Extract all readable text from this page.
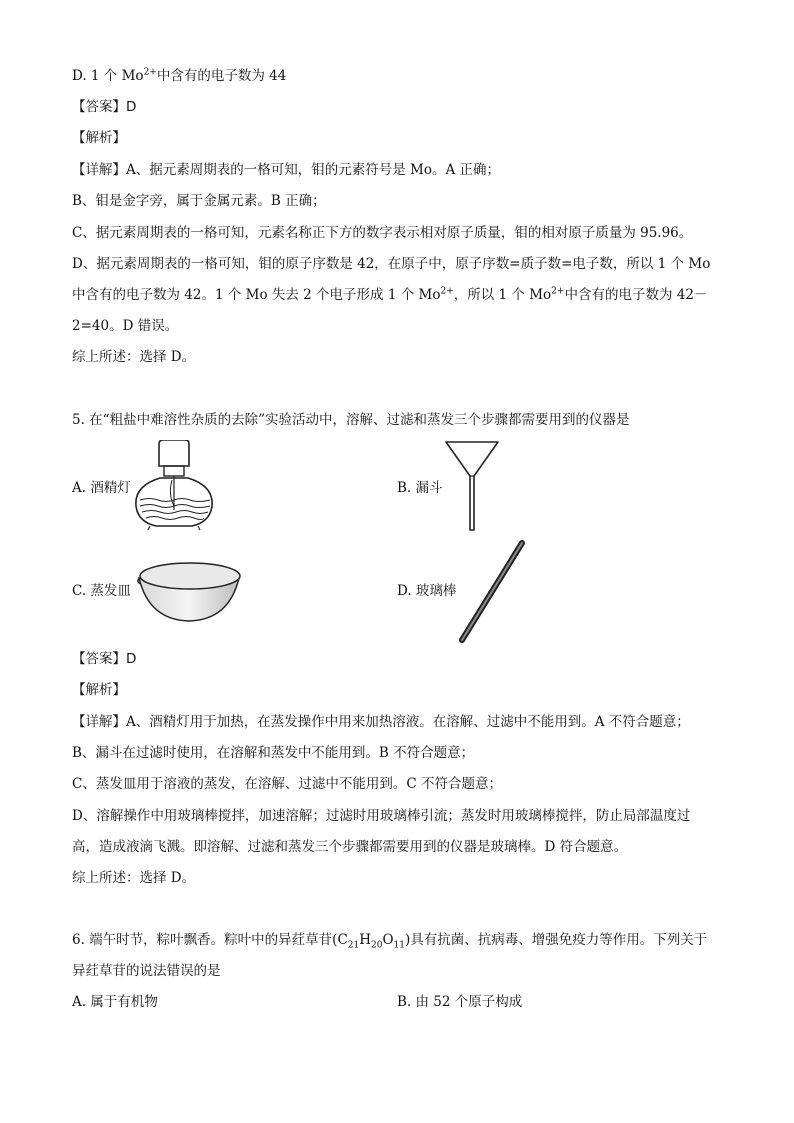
D. 1 个 $Mo^{2+}$中含有的电子数为 44
【答案】D
【解析】
【详解】A、据元素周期表的一格可知，钼的元素符号是 Mo。A 正确；
B、钼是金字旁，属于金属元素。B 正确；
C、据元素周期表的一格可知，元素名称正下方的数字表示相对原子质量，钼的相对原子质量为 95.96。
D、据元素周期表的一格可知，钼的原子序数是 42，在原子中，原子序数=质子数=电子数，所以 1 个 Mo
中含有的电子数为 42。1 个 Mo 失去 2 个电子形成 1 个 $Mo^{2+}$，所以 1 个 $Mo^{2+}$中含有的电子数为 42－
2=40。D 错误。
综上所述：选择 D。
5. 在“粗盐中难溶性杂质的去除”实验活动中，溶解、过滤和蒸发三个步骤都需要用到的仪器是
A. 酒精灯	B. 漏斗
C. 蒸发皿	D. 玻璃棒
【答案】D
【解析】
【详解】A、酒精灯用于加热，在蒸发操作中用来加热溶液。在溶解、过滤中不能用到。A 不符合题意；
B、漏斗在过滤时使用，在溶解和蒸发中不能用到。B 不符合题意；
C、蒸发皿用于溶液的蒸发，在溶解、过滤中不能用到。C 不符合题意；
D、溶解操作中用玻璃棒搅拌，加速溶解；过滤时用玻璃棒引流；蒸发时用玻璃棒搅拌，防止局部温度过
高，造成液滴飞溅。即溶解、过滤和蒸发三个步骤都需要用到的仪器是玻璃棒。D 符合题意。
综上所述：选择 D。
6. 端午时节，粽叶飘香。粽叶中的异荭草苷$(C_{21}H_{20}O_{11})$具有抗菌、抗病毒、增强免疫力等作用。下列关于
异荭草苷的说法错误的是
A. 属于有机物	B. 由 52 个原子构成
